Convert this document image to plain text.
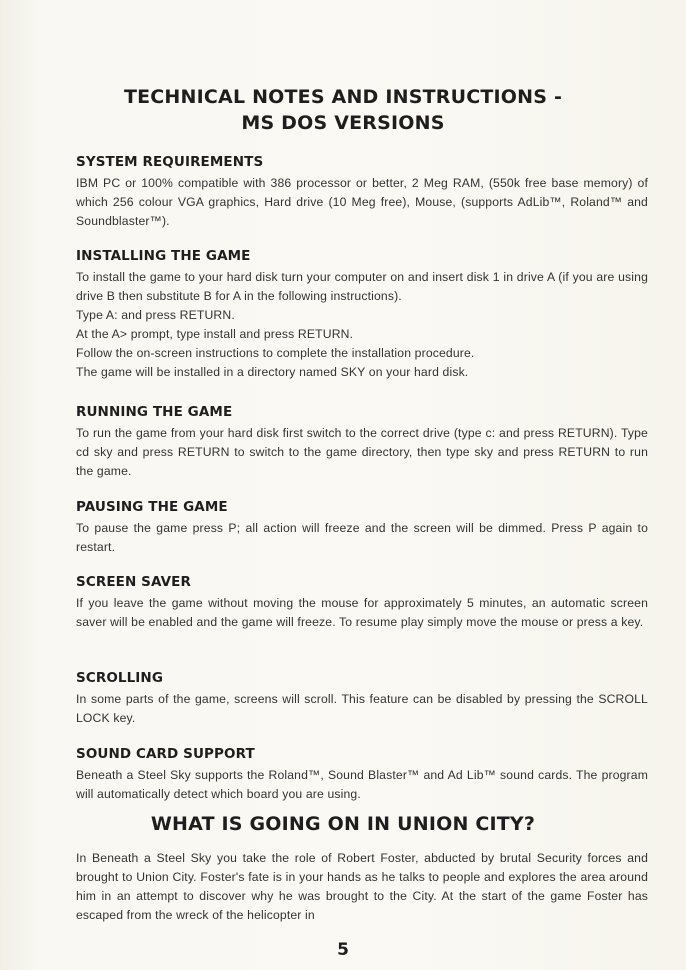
TECHNICAL NOTES AND INSTRUCTIONS -
MS DOS VERSIONS
SYSTEM REQUIREMENTS

IBM PC or 100% compatible with 386 processor or better, 2 Meg RAM, (550k free base memory) of which 256 colour VGA graphics, Hard drive (10 Meg free), Mouse, (supports AdLib™, Roland™ and Soundblaster™).

INSTALLING THE GAME

To install the game to your hard disk turn your computer on and insert disk 1 in drive A (if you are using drive B then substitute B for A in the following instructions).

Type A: and press RETURN.

At the A> prompt, type install and press RETURN.

Follow the on-screen instructions to complete the installation procedure.

The game will be installed in a directory named SKY on your hard disk.

RUNNING THE GAME

To run the game from your hard disk first switch to the correct drive (type c: and press RETURN). Type cd sky and press RETURN to switch to the game directory, then type sky and press RETURN to run the game.

PAUSING THE GAME

To pause the game press P; all action will freeze and the screen will be dimmed. Press P again to restart.

SCREEN SAVER

If you leave the game without moving the mouse for approximately 5 minutes, an automatic screen saver will be enabled and the game will freeze. To resume play simply move the mouse or press a key.

SCROLLING

In some parts of the game, screens will scroll. This feature can be disabled by pressing the SCROLL LOCK key.

SOUND CARD SUPPORT

Beneath a Steel Sky supports the Roland™, Sound Blaster™ and Ad Lib™ sound cards. The program will automatically detect which board you are using.

WHAT IS GOING ON IN UNION CITY?

In Beneath a Steel Sky you take the role of Robert Foster, abducted by brutal Security forces and brought to Union City. Foster's fate is in your hands as he talks to people and explores the area around him in an attempt to discover why he was brought to the City. At the start of the game Foster has escaped from the wreck of the helicopter in

5
